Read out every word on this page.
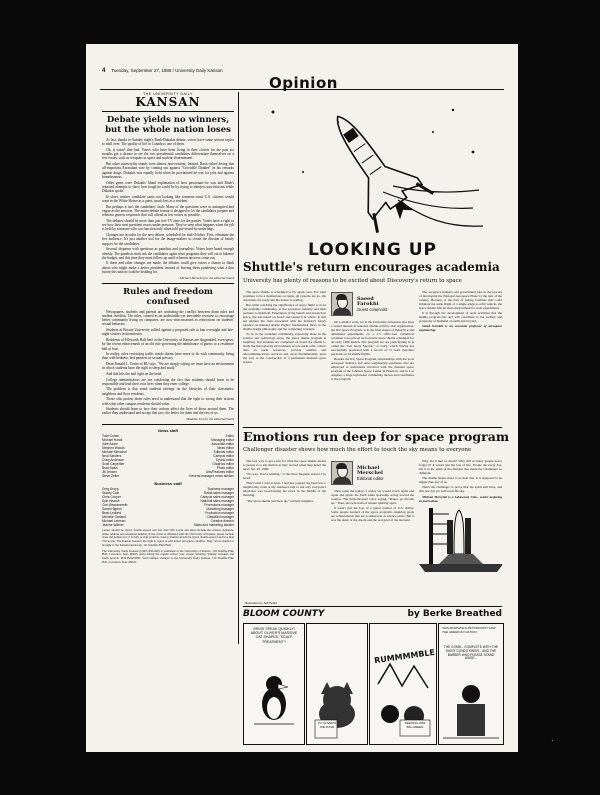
4 Tuesday, September 27, 1988 / University Daily Kansan
Opinion
THE UNIVERSITY DAILY
KANSAN
Debate yields no winners, but the whole nation loses

At last, thanks to Sunday night's Bush-Dukakis debate, voters have some serious topics to mull over. The quality of life in Canada is one of them.

Oh, it wasn't that bad. Voters who have been living in their closets for the past six months got a chance to see the two presidential candidates differentiate themselves on a few issues, such as weapons in space and nuclear disarmament.

But other noteworthy stands were almost non-existent. Instead, Bush risked losing that all-important Australian vote by coming out against "Crocodile Dundee" in his remarks against drugs. Dukakis was equally bold when he proclaimed he was for jobs and against homelessness.

Other gems were Dukakis' bland explanation of how passionate he was and Bush's repeated attempts to show how tough he could be by trying to interject unwitticisms while Dukakis spoke.

In short, neither candidate came out looking like someone most U.S. citizens would want in the White House as a guest, much less as a resident.

But perhaps it isn't the candidates' fault. Many of the questions were so uninspired and vague as the answers. The entire debate format is designed to let the candidates prepare and rehearse generic responses that will offend as few voters as possible.

The debates should be more than just free TV time for the parties. Voters have a right to see how their next president reacts under pressure. They've seen what happens when the job is held by someone who can function only when told pre-tested by underlings.

Changes are in order for the next debate, scheduled for mid-October. First, eliminate the live audience. It's just another tool for the image-makers to create the illusion of hearty support for the candidates.

Second, dispense with questions as panelists and journalists. Voters have heard enough already. The panelists must ask the candidates again what programs they will cut to balance the budget, and this time they must follow up until coherent answers come out.

If these and other changes are made, the debates could give voters a chance to think about who might make a better president instead of leaving them pondering what a thin future this nation could be heading for.

Michael Merschel for the editorial board
Rules and freedom confused

Newspapers, students and parents are confusing the conflict between dorm rules and student freedom. The rules, created as an undesirable yet inevitable recourse to encourage better community living on campuses, are now misconstrued as restrictions on students' sexual behavior.

Students at Boston University rallied against a proposed rule to ban overnight and late-night visitors in dormitories.

Residents of Ellsworth Hall here at the University of Kansas are disgruntled, even upset, by the recent enforcement of an old rule governing the admittance of guests to a residence hall at four.

In reality, rules restricting traffic inside dorms have more to do with community living than with bedtime, bed partners or sexual privacy.

Dean Ronald L. Carter of BU says, "We are simply saying we must have an environment in which students have the right to sleep and study."

And that hits the nail right on the head.

College administrators are not condoning the fact that students should learn to be responsible and lead their own lives when they enter college.

The problem is that some students infringe on the lifestyles of their classmates, neighbors and floor residents.

Those who protest dorm rules need to understand that the right to wrong their actions with what other campus residents should value.

Students should learn to face their actions affect the lives of those around them. The earlier they understand and accept that fact, the better for them and the rest of us.

Mudella Joel for the editorial board
News staff
Todd Cohen	Editor
Michael Horak	Managing editor
Julie Adam	Associate editor
Stephen Woods	News editor
Michael Merschel	Editorial editor
Neal Sanders	Campus editor
Craig Anderson	Sports editor
Scott Carpenter	Graphics editor
Brad Spain	Photo editor
Jill Jensen	Arts/Features editor
Steve Zeller	General manager, news adviser
Business staff
Greg Kropp	Business manager
Stacey Cole	Retail sales manager
Chris Cooper	Campus sales manager
Kyle Hearne	National sales manager
Curt Wessenmeth	Promotions manager
Sarah Higdon	Marketing manager
Beau Lediard	Production manager
Michelle Garland	Classified manager
Michael Lehman	Creative director
Jeanne Warner	Sales and marketing adviser
Letters should be typed, double-spaced and less than 300 words and must include the writer's signature, name, address and telephone number. If the writer is affiliated with the University of Kansas, please include class and hometown or faculty or staff position. Guest columns should be typed, double-spaced and less than 750 words. The Kansan reserves the right to reject or edit letters and guest columns. They can be mailed or brought to the Kansan newsroom, 111 Stauffer-Flint Hall.
The University Daily Kansan (USPS 650-640) is published at the University of Kansas, 118 Stauffer-Flint Hall, Lawrence, Kan. 66045, daily during the regular school year, except Saturday, Sunday, holidays and finals periods. POSTMASTER: Send address changes to the University Daily Kansan, 119 Stauffer-Flint Hall, Lawrence, Kan. 66045.
LOOKING UP
Shuttle's return encourages academia
University has plenty of reasons to be excited about Discovery's return to space

The space shuttle is scheduled to fly again soon. For what promises to be a momentous occasion, all systems are go, the astronauts are ready and the nation is waiting.

But while watching the significance of space flight to us in the academic community, to the aerospace industry and their partners, is manifold. Experience of the launch and research in space, the astronauts on board and research in whole. It will not address the risks associated with the industry's heavy reliance on manned shuttle flights; fundamental flaws in the shuttle design philosophy and the competing concepts.

To us in the academic community, especially those in the science and technology areas, the space shuttle program is inspiring. Our students are competent on board the shuttle to study the microgravity environment of low-earth orbit, collect data on earth resources, provide satellite and telecommunications services and, most fundamentally, pave the way to the construction of a permanent manned space station.

Saeed
Farokhi
Guest columnist

On a smaller scale, we at the University of Kansas also have a vested interest in renewed shuttle activity. Our organization, the KU Space Program, is in the final stages of flying live and unmanned experiments on a 2.5 cubic-foot cylindrical container to be placed on board the space shuttle scheduled for an early 1989 launch. The program we are participating in is called the "Get Away Special," or GAS, which NASA has successfully promoted with a record of 71 GAS customer payloads on 24 shuttle flights.

Besides the KU Space Program, relationships with the local aerospace industry and other engineering graduates also are employed to institutions involved with the manned space program at the Johnson Space Center in Houston, and in Los Angeles, a large Jayhawker community thrives and contributes to the program.

The aerospace industry and government jobs in the process of developing the National Aerospace Plane by the turn of the century. Because of the lack of testing facilities that could simulate the same flight of a single-stage-to-orbit vehicle, the space shuttle lifts an ideal environment for such experiments.

It is through the development of such activities that the shuttle program has and will contribute to the welfare and prosperity of mankind on earth and beyond.

Saeed Farokhi is an associate professor of aerospace engineering.

Emotions run deep for space program
Challenger disaster shows how much the effort to touch the sky means to everyone

The best way to get a feel for what the space shuttle means to people is to ask them how they reacted when they heard the news Jan. 28, 1986.

"No way. You're kidding," is the most frequent answer I've heard.

That's what I said at least. I had just popped my head into a neighboring room at my residence hall to ask why everyone's television was broadcasting the news in the middle of the morning.

"The space shuttle just blew up," said my neighbor.

Michael
Merschel
Editorial editor

Then came the replay: a replay we would watch again and again and again: the fresh white spaceship arcing toward the cosmos. The thick-throated voice saying, "Roger, go throttle up." Then, the twin trails of smoke splitting apart.

It wasn't just the loss of a grand symbol of U.S. ability. Some people learned of the space program's inspiring goals are achievements that are as American as science pilots. But it was the death of the dream and the real grief of the moment.

Why did it hurt so much? Why still so many people never forget it? It wasn't just the loss of life. People die every day, but it is the spirit of the mission that made the Challenger so different.

The shuttle means more to us than that. It is supposed to be bigger than any of us.

That's the challenge: to prove that the spirit still lives, and that one day we will touch the sky.

Michael Merschel is a Lakewood, Colo., senior majoring in journalism.

Illustration by Jeff Pettitt
BLOOM COUNTY	by Berke Breathed
OPUS! SPEAK QUICKLY! ABOUT OLIVER'S MASSIVE CAT-SHAPED "SCALP TREATMENT"!
TO OLIVER'S PIE FUND
RUMMMMBLE
SEEKING ONE BIG GREEN
THIS MORNING'S PET PRIORITY FOR THE AMERICAN NATION:
THE COMB... COMPLETE WITH THE SHINY CONDITIONER... AND THE BARBER WHO PLEASE STAND ASIDE...
·
